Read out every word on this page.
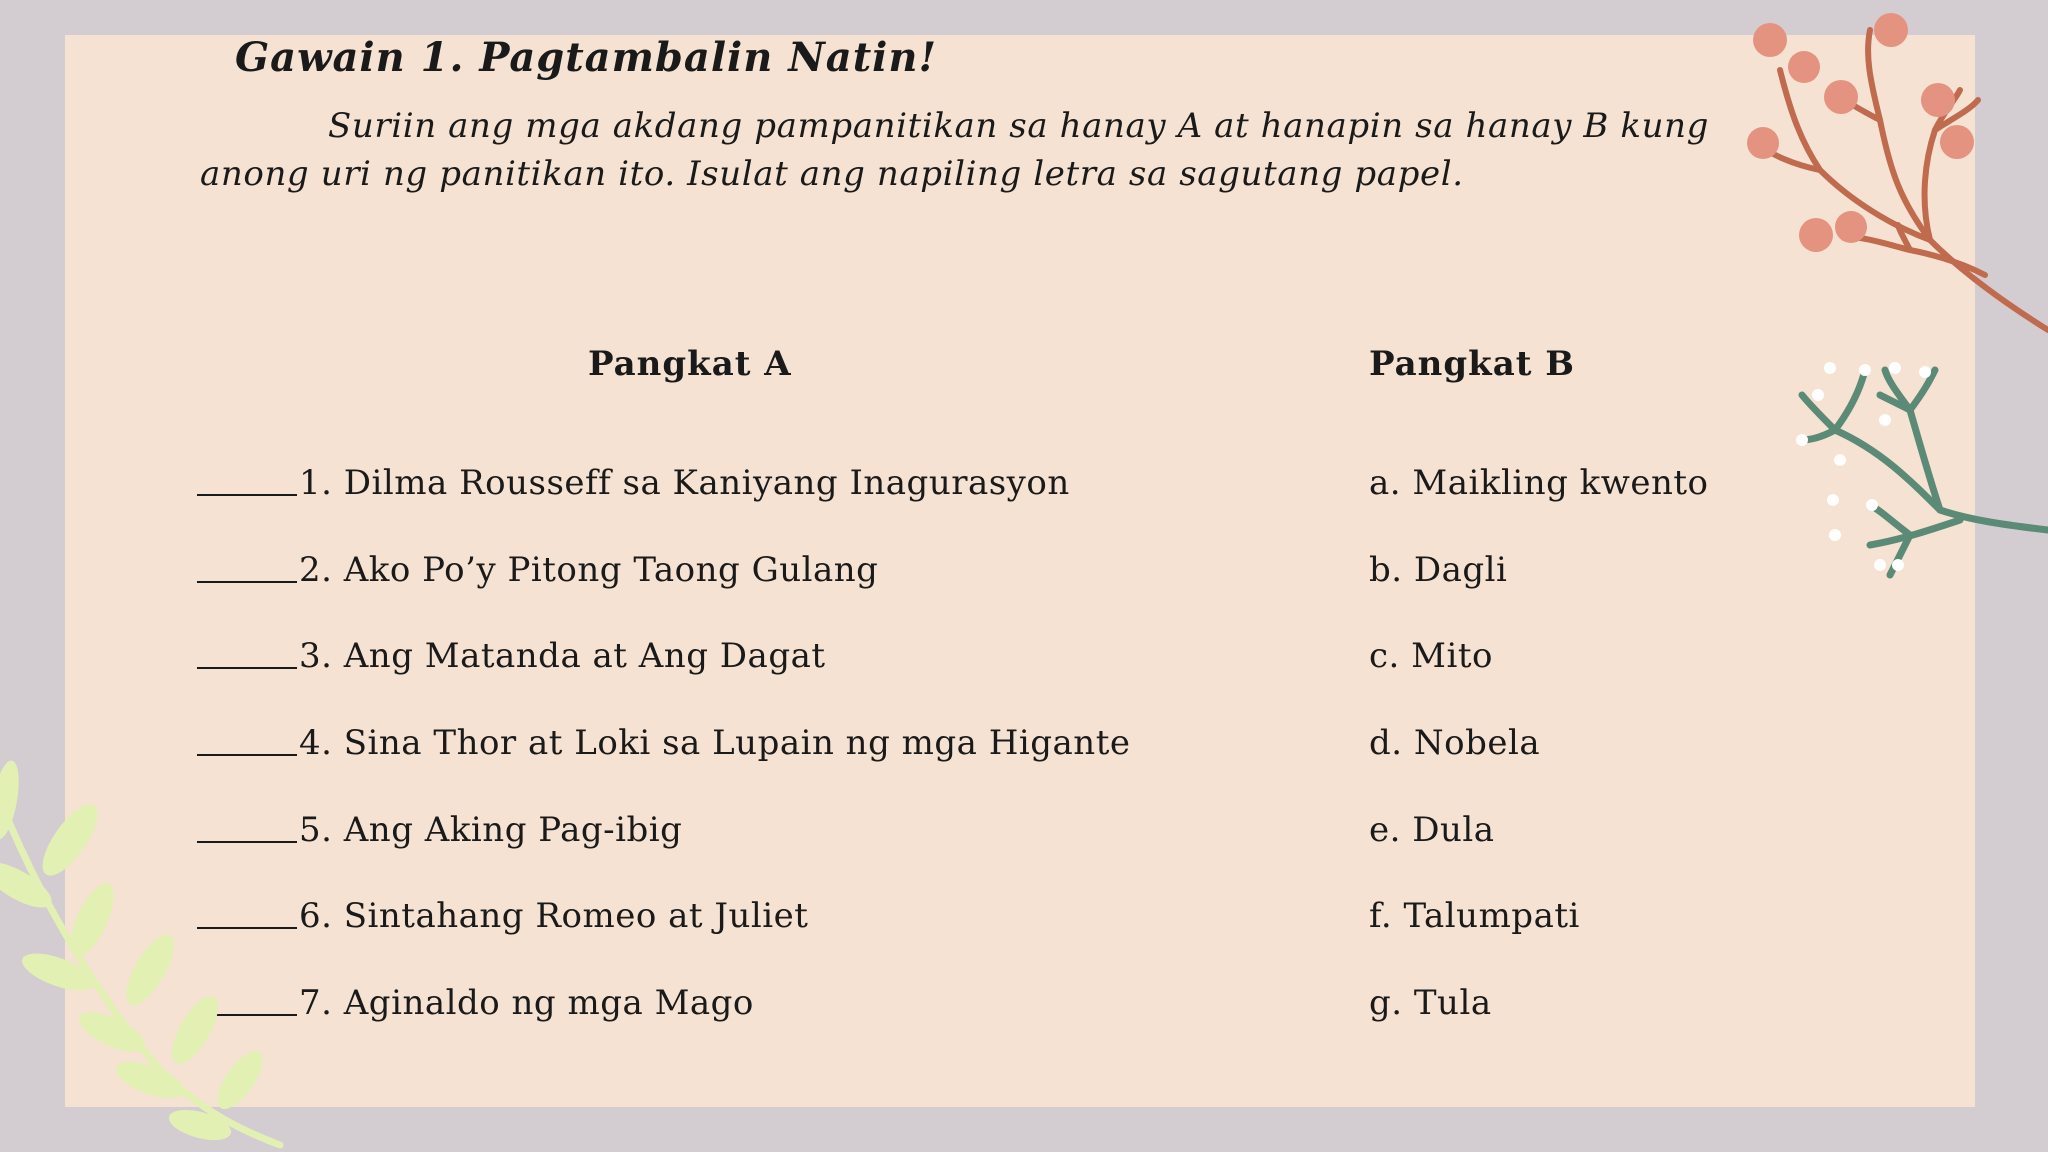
Gawain 1. Pagtambalin Natin!
Suriin ang mga akdang pampanitikan sa hanay A at hanapin sa hanay B kung anong uri ng panitikan ito. Isulat ang napiling letra sa sagutang papel.
Pangkat A	Pangkat B
1. Dilma Rousseff sa Kaniyang Inagurasyon
2. Ako Po’y Pitong Taong Gulang
3. Ang Matanda at Ang Dagat
4. Sina Thor at Loki sa Lupain ng mga Higante
5. Ang Aking Pag-ibig
6. Sintahang Romeo at Juliet
7. Aginaldo ng mga Mago
a. Maikling kwento
b. Dagli
c. Mito
d. Nobela
e. Dula
f. Talumpati
g. Tula
